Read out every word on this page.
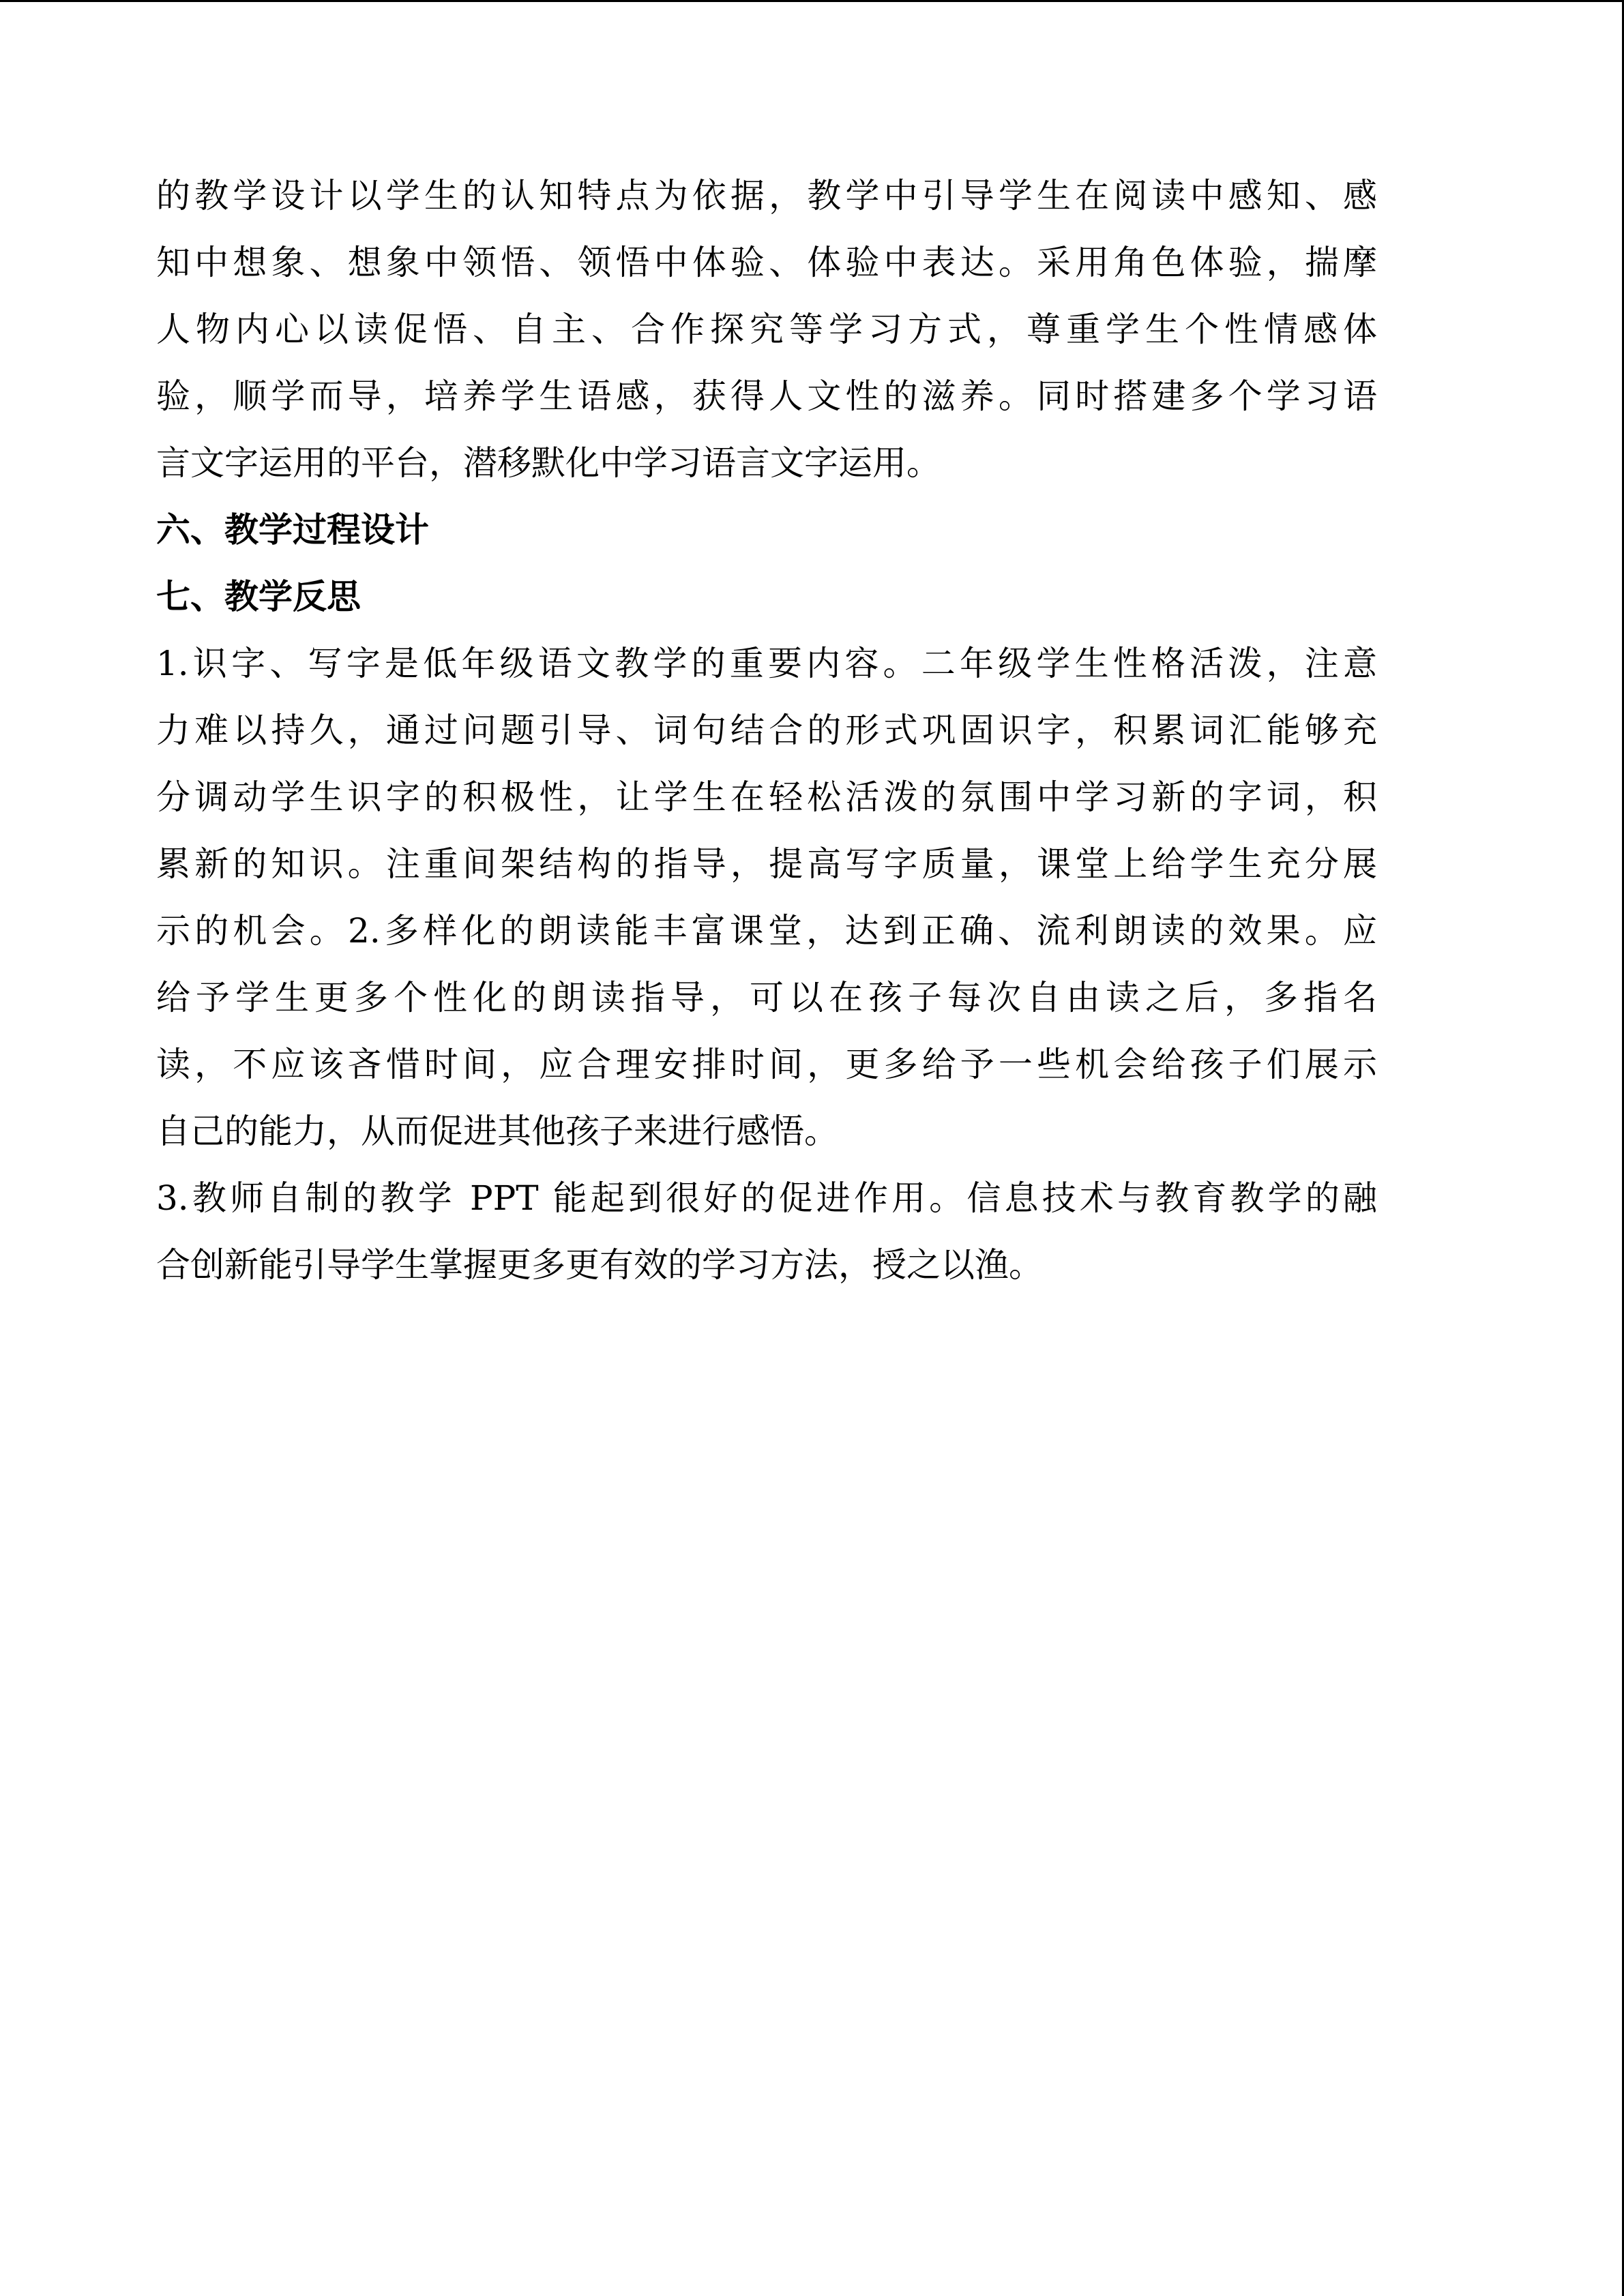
的教学设计以学生的认知特点为依据，教学中引导学生在阅读中感知、感
知中想象、想象中领悟、领悟中体验、体验中表达。采用角色体验，揣摩
人物内心以读促悟、自主、合作探究等学习方式，尊重学生个性情感体
验，顺学而导，培养学生语感，获得人文性的滋养。同时搭建多个学习语
言文字运用的平台，潜移默化中学习语言文字运用。
六、教学过程设计
七、教学反思
1.识字、写字是低年级语文教学的重要内容。二年级学生性格活泼，注意
力难以持久，通过问题引导、词句结合的形式巩固识字，积累词汇能够充
分调动学生识字的积极性，让学生在轻松活泼的氛围中学习新的字词，积
累新的知识。注重间架结构的指导，提高写字质量，课堂上给学生充分展
示的机会。2.多样化的朗读能丰富课堂，达到正确、流利朗读的效果。应
给予学生更多个性化的朗读指导，可以在孩子每次自由读之后，多指名
读，不应该吝惜时间，应合理安排时间，更多给予一些机会给孩子们展示
自己的能力，从而促进其他孩子来进行感悟。
3.教师自制的教学 PPT 能起到很好的促进作用。信息技术与教育教学的融
合创新能引导学生掌握更多更有效的学习方法，授之以渔。
